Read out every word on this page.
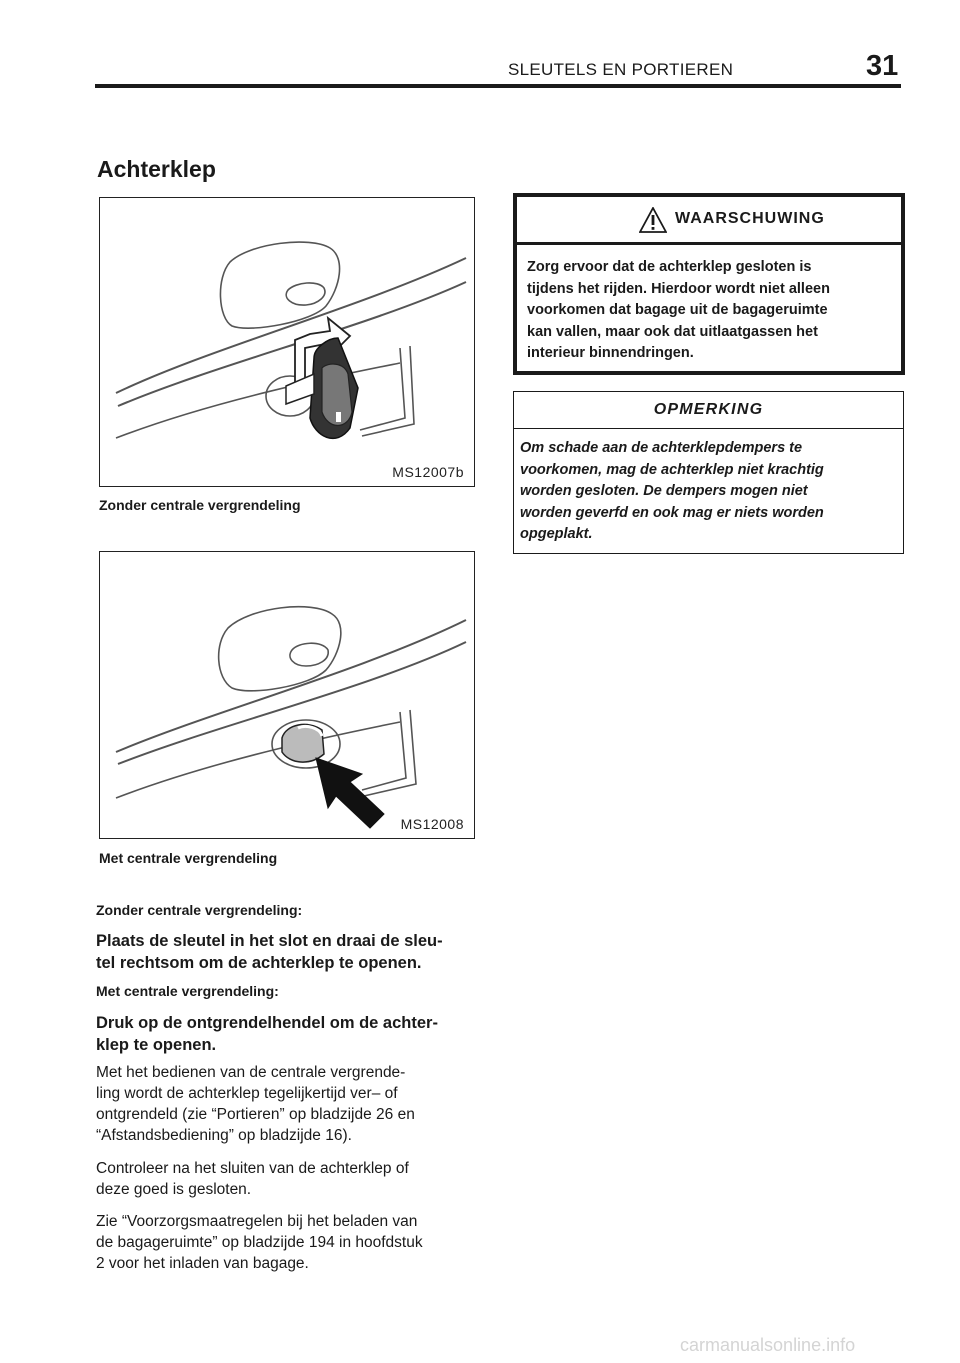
SLEUTELS EN PORTIEREN	31
Achterklep
MS12007b
Zonder centrale vergrendeling
MS12008
Met centrale vergrendeling
Zonder centrale vergrendeling:
Plaats de sleutel in het slot en draai de sleu-
tel rechtsom om de achterklep te openen.
Met centrale vergrendeling:
Druk op de ontgrendelhendel om de achter-
klep te openen.
Met het bedienen van de centrale vergrende-
ling wordt de achterklep tegelijkertijd ver– of
ontgrendeld (zie “Portieren” op bladzijde 26 en
“Afstandsbediening” op bladzijde 16).
Controleer na het sluiten van de achterklep of
deze goed is gesloten.
Zie “Voorzorgsmaatregelen bij het beladen van
de bagageruimte” op bladzijde 194 in hoofdstuk
2 voor het inladen van bagage.
WAARSCHUWING
Zorg ervoor dat de achterklep gesloten is
tijdens het rijden. Hierdoor wordt niet alleen
voorkomen dat bagage uit de bagageruimte
kan vallen, maar ook dat uitlaatgassen het
interieur binnendringen.
OPMERKING
Om schade aan de achterklepdempers te
voorkomen, mag de achterklep niet krachtig
worden gesloten. De dempers mogen niet
worden geverfd en ook mag er niets worden
opgeplakt.
carmanualsonline.info
